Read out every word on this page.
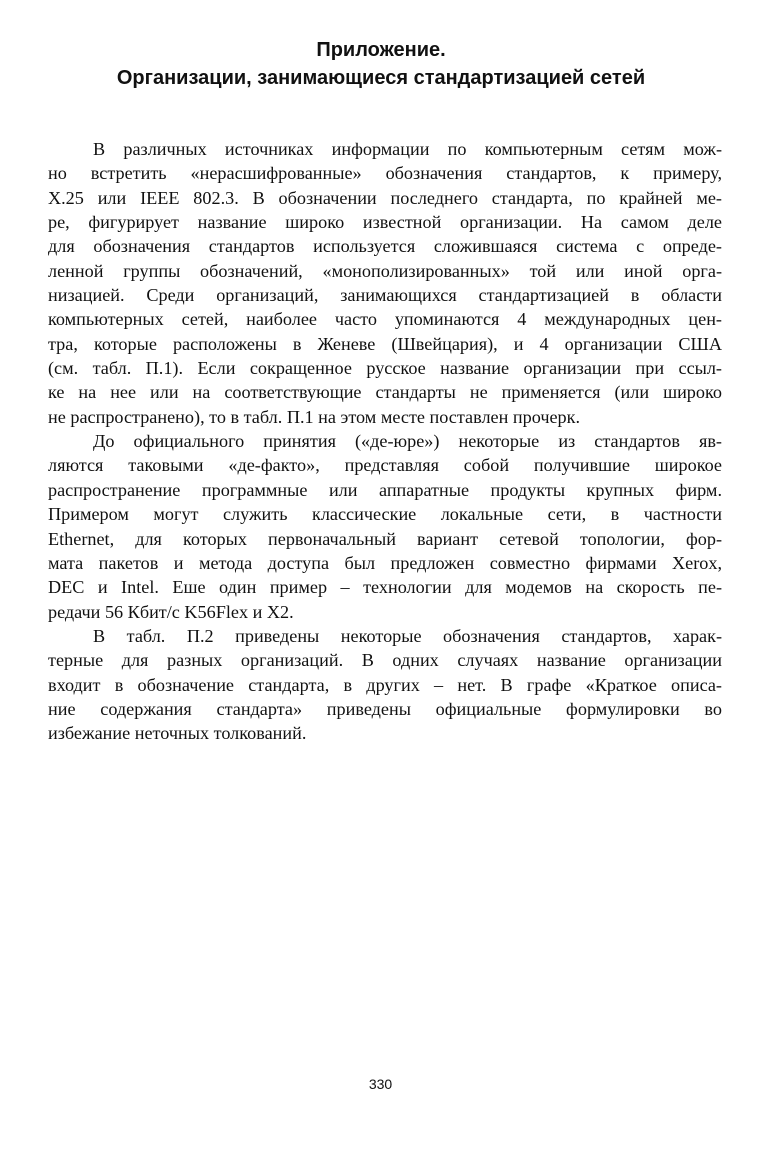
Приложение.
Организации, занимающиеся стандартизацией сетей
В различных источниках информации по компьютерным сетям мож-
но встретить «нерасшифрованные» обозначения стандартов, к примеру,
X.25 или IEEE 802.3. В обозначении последнего стандарта, по крайней ме-
ре, фигурирует название широко известной организации. На самом деле
для обозначения стандартов используется сложившаяся система с опреде-
ленной группы обозначений, «монополизированных» той или иной орга-
низацией. Среди организаций, занимающихся стандартизацией в области
компьютерных сетей, наиболее часто упоминаются 4 международных цен-
тра, которые расположены в Женеве (Швейцария), и 4 организации США
(см. табл. П.1). Если сокращенное русское название организации при ссыл-
ке на нее или на соответствующие стандарты не применяется (или широко
не распространено), то в табл. П.1 на этом месте поставлен прочерк.
До официального принятия («де-юре») некоторые из стандартов яв-
ляются таковыми «де-факто», представляя собой получившие широкое
распространение программные или аппаратные продукты крупных фирм.
Примером могут служить классические локальные сети, в частности
Ethernet, для которых первоначальный вариант сетевой топологии, фор-
мата пакетов и метода доступа был предложен совместно фирмами Xerox,
DEC и Intel. Еше один пример – технологии для модемов на скорость пе-
редачи 56 Кбит/с K56Flex и X2.
В табл. П.2 приведены некоторые обозначения стандартов, харак-
терные для разных организаций. В одних случаях название организации
входит в обозначение стандарта, в других – нет. В графе «Краткое описа-
ние содержания стандарта» приведены официальные формулировки во
избежание неточных толкований.
330
